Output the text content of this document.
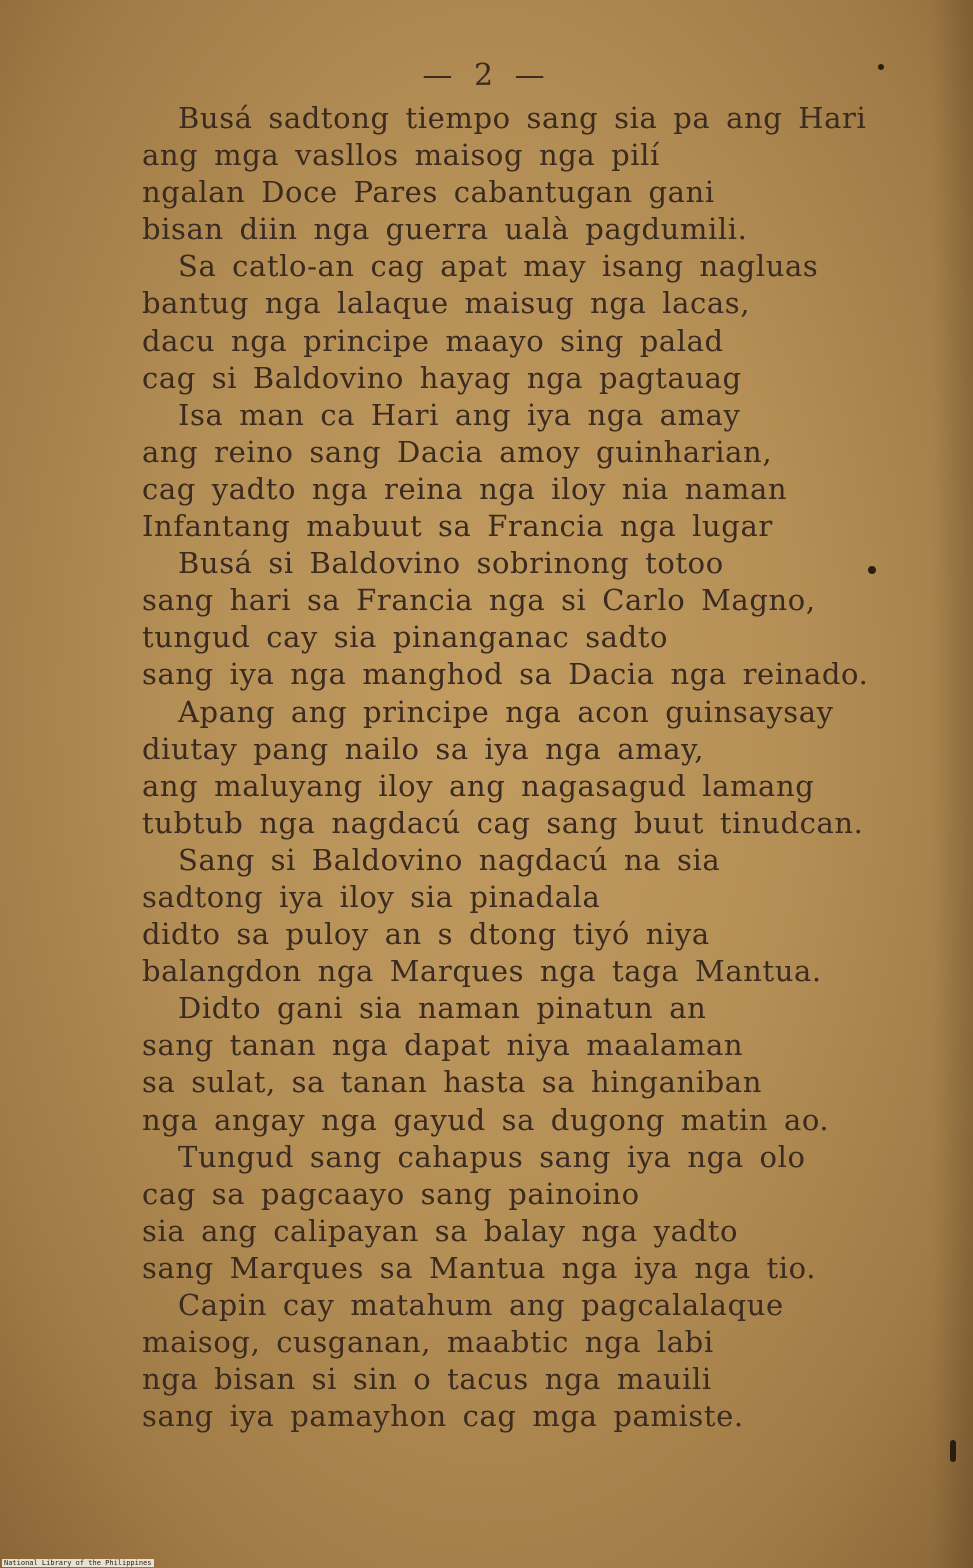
— 2 —
Busá sadtong tiempo sang sia pa ang Hari
ang mga vasllos maisog nga pilí
ngalan Doce Pares cabantugan gani
bisan diin nga guerra ualà pagdumili.
Sa catlo-an cag apat may isang nagluas
bantug nga lalaque maisug nga lacas,
dacu nga principe maayo sing palad
cag si Baldovino hayag nga pagtauag
Isa man ca Hari ang iya nga amay
ang reino sang Dacia amoy guinharian,
cag yadto nga reina nga iloy nia naman
Infantang mabuut sa Francia nga lugar
Busá si Baldovino sobrinong totoo
sang hari sa Francia nga si Carlo Magno,
tungud cay sia pinanganac sadto
sang iya nga manghod sa Dacia nga reinado.
Apang ang principe nga acon guinsaysay
diutay pang nailo sa iya nga amay,
ang maluyang iloy ang nagasagud lamang
tubtub nga nagdacú cag sang buut tinudcan.
Sang si Baldovino nagdacú na sia
sadtong iya iloy sia pinadala
didto sa puloy an s dtong tiyó niya
balangdon nga Marques nga taga Mantua.
Didto gani sia naman pinatun an
sang tanan nga dapat niya maalaman
sa sulat, sa tanan hasta sa hinganiban
nga angay nga gayud sa dugong matin ao.
Tungud sang cahapus sang iya nga olo
cag sa pagcaayo sang painoino
sia ang calipayan sa balay nga yadto
sang Marques sa Mantua nga iya nga tio.
Capin cay matahum ang pagcalalaque
maisog, cusganan, maabtic nga labi
nga bisan si sin o tacus nga mauili
sang iya pamayhon cag mga pamiste.
National Library of the Philippines
